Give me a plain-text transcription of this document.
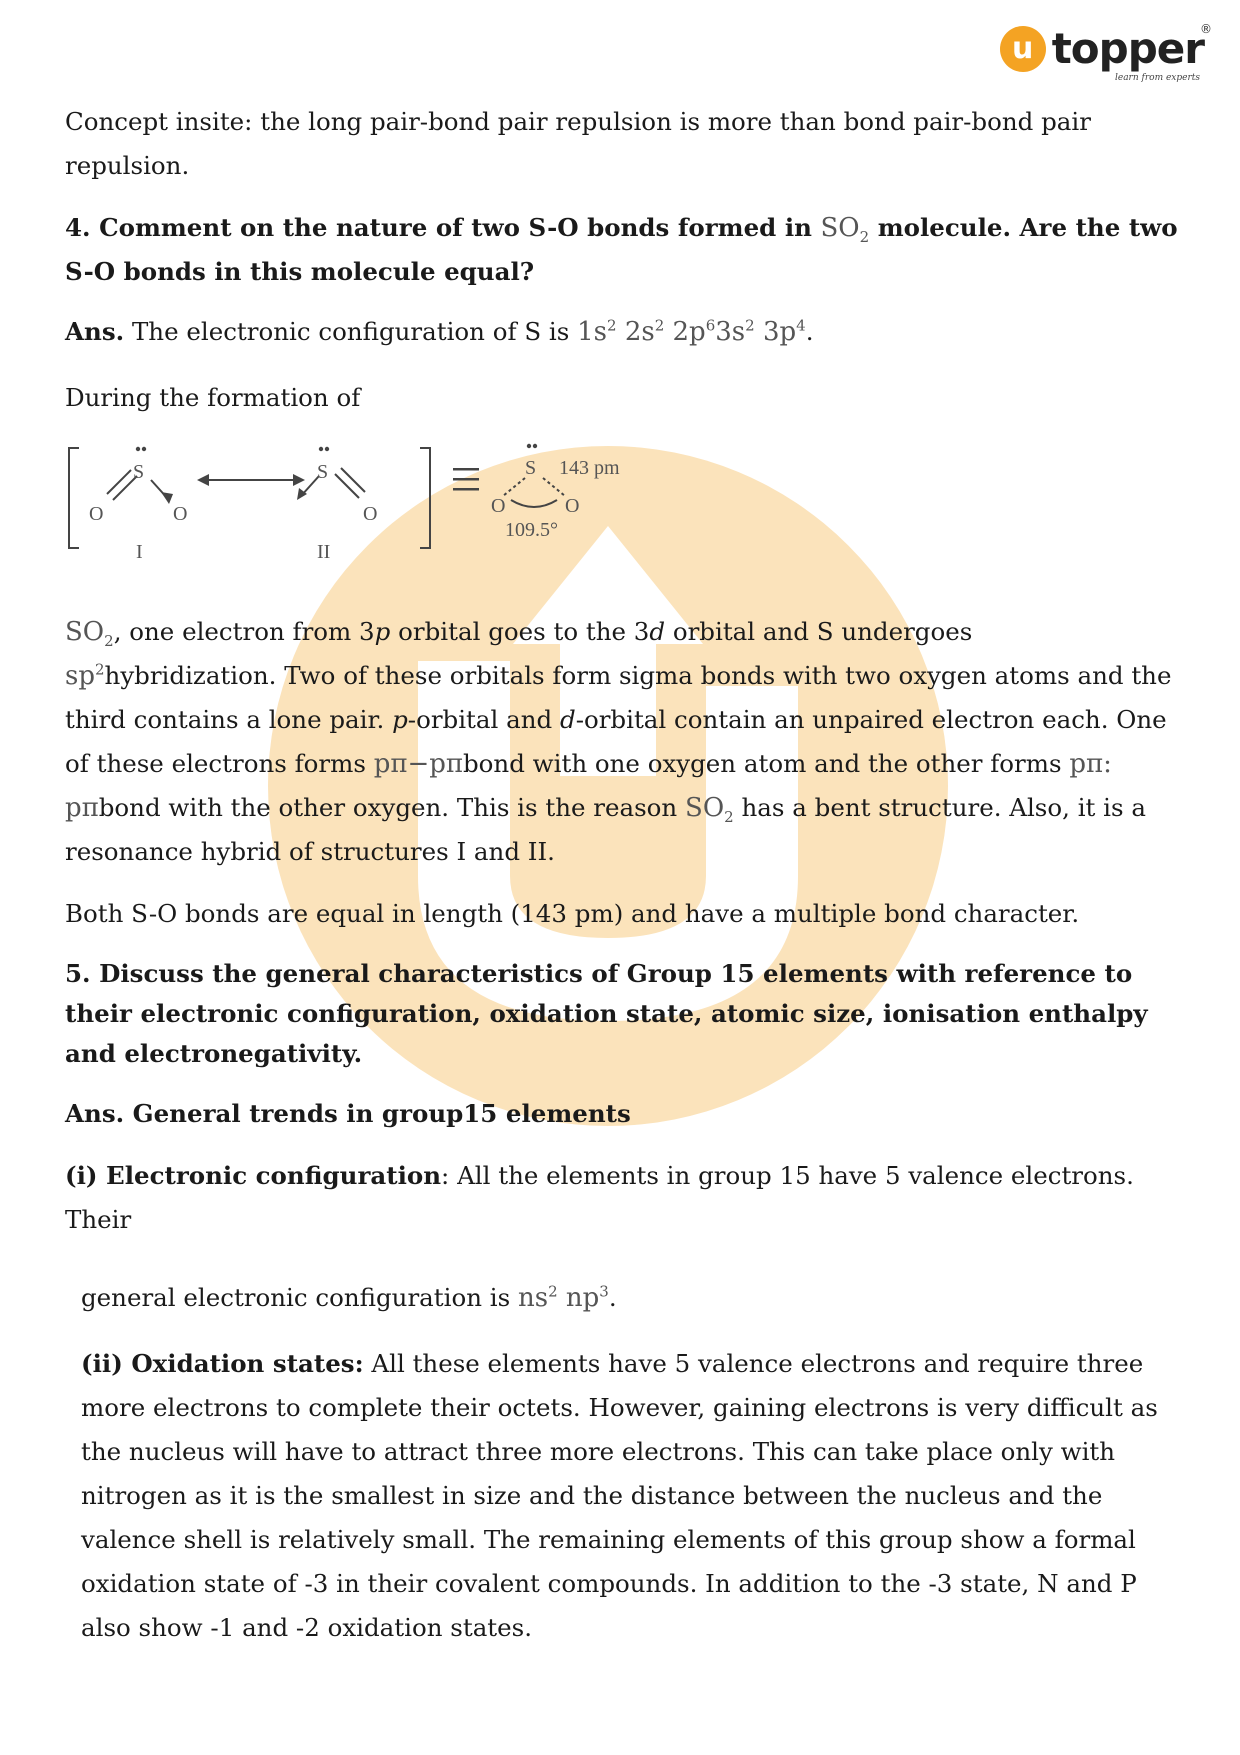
u topper
®
learn from experts

Concept insite: the long pair-bond pair repulsion is more than bond pair-bond pair repulsion.

4. Comment on the nature of two S-O bonds formed in $SO_2$ molecule. Are the two S-O bonds in this molecule equal?

Ans. The electronic configuration of S is $1s^2$ $2s^2$ $2p^63s^2$ $3p^4$.

During the formation of

S
O	O
I
S
O
II
S 143 pm
O	O
109.5°

$SO_2$, one electron from 3p orbital goes to the 3d orbital and S undergoes $sp^2hybridization$. Two of these orbitals form sigma bonds with two oxygen atoms and the third contains a lone pair. p-orbital and d-orbital contain an unpaired electron each. One of these electrons forms pπ−pπbond with one oxygen atom and the other forms pπ: pπbond with the other oxygen. This is the reason $SO_2$ has a bent structure. Also, it is a resonance hybrid of structures I and II.

Both S-O bonds are equal in length (143 pm) and have a multiple bond character.

5. Discuss the general characteristics of Group 15 elements with reference to their electronic configuration, oxidation state, atomic size, ionisation enthalpy and electronegativity.

Ans. General trends in group15 elements

(i) Electronic configuration: All the elements in group 15 have 5 valence electrons. Their

general electronic configuration is $ns^2$ $np^3$.

(ii) Oxidation states: All these elements have 5 valence electrons and require three more electrons to complete their octets. However, gaining electrons is very difficult as the nucleus will have to attract three more electrons. This can take place only with nitrogen as it is the smallest in size and the distance between the nucleus and the valence shell is relatively small. The remaining elements of this group show a formal oxidation state of -3 in their covalent compounds. In addition to the -3 state, N and P also show -1 and -2 oxidation states.
